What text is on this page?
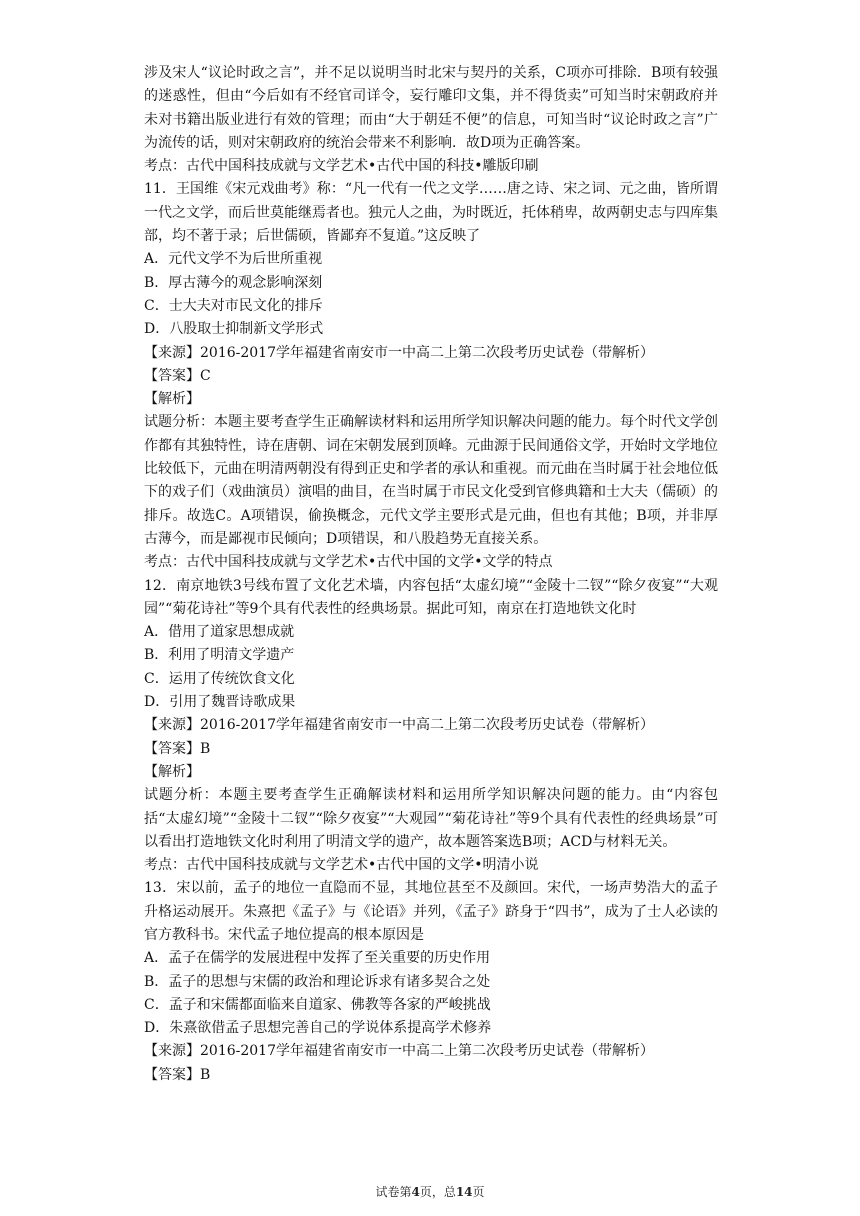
涉及宋人“议论时政之言”，并不足以说明当时北宋与契丹的关系，C项亦可排除．B项有较强的迷惑性，但由“今后如有不经官司详令，妄行雕印文集，并不得货卖”可知当时宋朝政府并未对书籍出版业进行有效的管理；而由“大于朝廷不便”的信息，可知当时“议论时政之言”广为流传的话，则对宋朝政府的统治会带来不利影响．故D项为正确答案。

考点：古代中国科技成就与文学艺术•古代中国的科技•雕版印刷

11．王国维《宋元戏曲考》称：“凡一代有一代之文学……唐之诗、宋之词、元之曲，皆所谓一代之文学，而后世莫能继焉者也。独元人之曲，为时既近，托体稍卑，故两朝史志与四库集部，均不著于录；后世儒硕，皆鄙弃不复道。”这反映了

A．元代文学不为后世所重视

B．厚古薄今的观念影响深刻

C．士大夫对市民文化的排斥

D．八股取士抑制新文学形式

【来源】2016-2017学年福建省南安市一中高二上第二次段考历史试卷（带解析）

【答案】C

【解析】

试题分析：本题主要考查学生正确解读材料和运用所学知识解决问题的能力。每个时代文学创作都有其独特性，诗在唐朝、词在宋朝发展到顶峰。元曲源于民间通俗文学，开始时文学地位比较低下，元曲在明清两朝没有得到正史和学者的承认和重视。而元曲在当时属于社会地位低下的戏子们（戏曲演员）演唱的曲目，在当时属于市民文化受到官修典籍和士大夫（儒硕）的排斥。故选C。A项错误，偷换概念，元代文学主要形式是元曲，但也有其他；B项，并非厚古薄今，而是鄙视市民倾向；D项错误，和八股趋势无直接关系。

考点：古代中国科技成就与文学艺术•古代中国的文学•文学的特点

12．南京地铁3号线布置了文化艺术墙，内容包括“太虚幻境”“金陵十二钗”“除夕夜宴”“大观园”“菊花诗社”等9个具有代表性的经典场景。据此可知，南京在打造地铁文化时

A．借用了道家思想成就

B．利用了明清文学遗产

C．运用了传统饮食文化

D．引用了魏晋诗歌成果

【来源】2016-2017学年福建省南安市一中高二上第二次段考历史试卷（带解析）

【答案】B

【解析】

试题分析：本题主要考查学生正确解读材料和运用所学知识解决问题的能力。由“内容包括“太虚幻境”“金陵十二钗”“除夕夜宴”“大观园”“菊花诗社”等9个具有代表性的经典场景”可以看出打造地铁文化时利用了明清文学的遗产，故本题答案选B项；ACD与材料无关。

考点：古代中国科技成就与文学艺术•古代中国的文学•明清小说

13．宋以前，孟子的地位一直隐而不显，其地位甚至不及颜回。宋代，一场声势浩大的孟子升格运动展开。朱熹把《孟子》与《论语》并列，《孟子》跻身于“四书”，成为了士人必读的官方教科书。宋代孟子地位提高的根本原因是

A．孟子在儒学的发展进程中发挥了至关重要的历史作用

B．孟子的思想与宋儒的政治和理论诉求有诸多契合之处

C．孟子和宋儒都面临来自道家、佛教等各家的严峻挑战

D．朱熹欲借孟子思想完善自己的学说体系提高学术修养

【来源】2016-2017学年福建省南安市一中高二上第二次段考历史试卷（带解析）

【答案】B

试卷第4页，总14页
